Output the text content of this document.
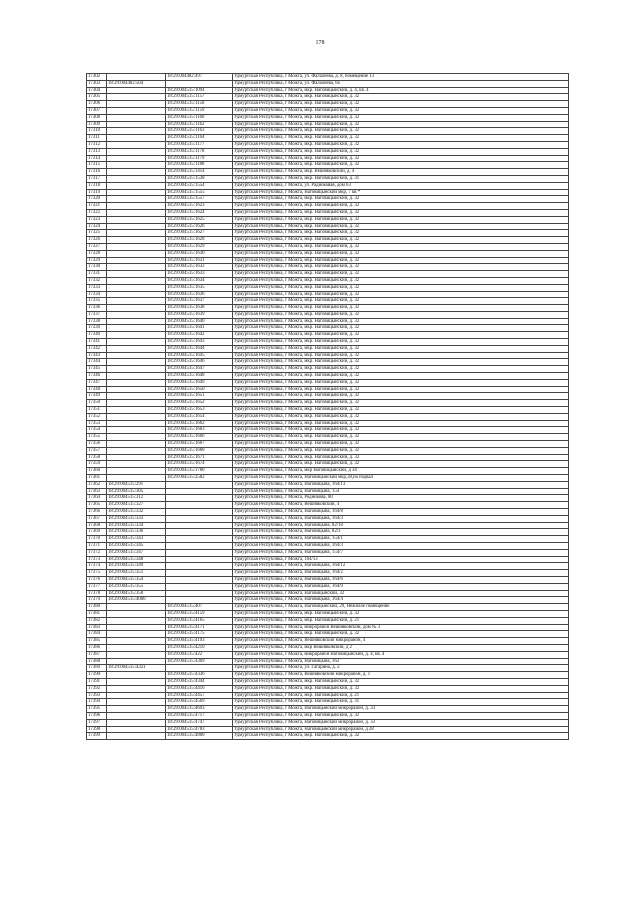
178
17302		18:29:004482:497	Удмуртская Республика, г Можга, ул. Фалалеева, д. 8, помещение 13
17303	18:29:004482:504		Удмуртская Республика, г Можга, ул. Фалалеева, 8а
17304		18:29:004515:1094	Удмуртская Республика, г Можга, мкр. Наговицынский, д. 4, кв. 4
17305		18:29:004515:1157	Удмуртская Республика, г Можга, мкр. Наговицынский, д. 32
17306		18:29:004515:1158	Удмуртская Республика, г Можга, мкр. Наговицынский, д. 32
17307		18:29:004515:1159	Удмуртская Республика, г Можга, мкр. Наговицынский, д. 32
17308		18:29:004515:1160	Удмуртская Республика, г Можга, мкр. Наговицынский, д. 32
17309		18:29:004515:1162	Удмуртская Республика, г Можга, мкр. Наговицынский, д. 32
17310		18:29:004515:1163	Удмуртская Республика, г Можга, мкр. Наговицынский, д. 32
17311		18:29:004515:1164	Удмуртская Республика, г Можга, мкр. Наговицынский, д. 32
17312		18:29:004515:1177	Удмуртская Республика, г Можга, мкр. Наговицынский, д. 32
17313		18:29:004515:1178	Удмуртская Республика, г Можга, мкр. Наговицынский, д. 32
17314		18:29:004515:1179	Удмуртская Республика, г Можга, мкр. Наговицынский, д. 32
17315		18:29:004515:1188	Удмуртская Республика, г Можга, мкр. Наговицынский, д. 32
17316		18:29:004515:1414	Удмуртская Республика, г Можга, мкр. Вешняковский, д. 4
17317		18:29:004515:1538	Удмуртская Республика, г Можга, мкр. Наговицынский, д. 31
17318		18:29:004515:1554	Удмуртская Республика, г Можга, ул. Радиоковая, дом 63
17319		18:29:004515:1555	Удмуртская Республика, г Можга, Наговицынский мкр, 7 кв *
17320		18:29:004515:1557	Удмуртская Республика, г Можга, мкр. Наговицынский, д. 32
17321		18:29:004515:1623	Удмуртская Республика, г Можга, мкр. Наговицынский, д. 32
17322		18:29:004515:1624	Удмуртская Республика, г Можга, мкр. Наговицынский, д. 32
17323		18:29:004515:1625	Удмуртская Республика, г Можга, мкр. Наговицынский, д. 32
17324		18:29:004515:1626	Удмуртская Республика, г Можга, мкр. Наговицынский, д. 32
17325		18:29:004515:1627	Удмуртская Республика, г Можга, мкр. Наговицынский, д. 32
17326		18:29:004515:1628	Удмуртская Республика, г Можга, мкр. Наговицынский, д. 32
17327		18:29:004515:1629	Удмуртская Республика, г Можга, мкр. Наговицынский, д. 32
17328		18:29:004515:1630	Удмуртская Республика, г Можга, мкр. Наговицынский, д. 32
17329		18:29:004515:1631	Удмуртская Республика, г Можга, мкр. Наговицынский, д. 32
17330		18:29:004515:1632	Удмуртская Республика, г Можга, мкр. Наговицынский, д. 32
17331		18:29:004515:1633	Удмуртская Республика, г Можга, мкр. Наговицынский, д. 32
17332		18:29:004515:1634	Удмуртская Республика, г Можга, мкр. Наговицынский, д. 32
17333		18:29:004515:1635	Удмуртская Республика, г Можга, мкр. Наговицынский, д. 32
17334		18:29:004515:1636	Удмуртская Республика, г Можга, мкр. Наговицынский, д. 32
17335		18:29:004515:1637	Удмуртская Республика, г Можга, мкр. Наговицынский, д. 32
17336		18:29:004515:1638	Удмуртская Республика, г Можга, мкр. Наговицынский, д. 32
17337		18:29:004515:1639	Удмуртская Республика, г Можга, мкр. Наговицынский, д. 32
17338		18:29:004515:1640	Удмуртская Республика, г Можга, мкр. Наговицынский, д. 32
17339		18:29:004515:1641	Удмуртская Республика, г Можга, мкр. Наговицынский, д. 32
17340		18:29:004515:1642	Удмуртская Республика, г Можга, мкр. Наговицынский, д. 32
17341		18:29:004515:1643	Удмуртская Республика, г Можга, мкр. Наговицынский, д. 32
17342		18:29:004515:1644	Удмуртская Республика, г Можга, мкр. Наговицынский, д. 32
17343		18:29:004515:1645	Удмуртская Республика, г Можга, мкр. Наговицынский, д. 32
17344		18:29:004515:1646	Удмуртская Республика, г Можга, мкр. Наговицынский, д. 32
17345		18:29:004515:1647	Удмуртская Республика, г Можга, мкр. Наговицынский, д. 32
17346		18:29:004515:1648	Удмуртская Республика, г Можга, мкр. Наговицынский, д. 32
17347		18:29:004515:1649	Удмуртская Республика, г Можга, мкр. Наговицынский, д. 32
17348		18:29:004515:1650	Удмуртская Республика, г Можга, мкр. Наговицынский, д. 32
17349		18:29:004515:1651	Удмуртская Республика, г Можга, мкр. Наговицынский, д. 32
17350		18:29:004515:1652	Удмуртская Республика, г Можга, мкр. Наговицынский, д. 32
17351		18:29:004515:1653	Удмуртская Республика, г Можга, мкр. Наговицынский, д. 32
17352		18:29:004515:1654	Удмуртская Республика, г Можга, мкр. Наговицынский, д. 32
17353		18:29:004515:1662	Удмуртская Республика, г Можга, мкр. Наговицынский, д. 32
17354		18:29:004515:1663	Удмуртская Республика, г Можга, мкр. Наговицынский, д. 32
17355		18:29:004515:1666	Удмуртская Республика, г Можга, мкр. Наговицынский, д. 32
17356		18:29:004515:1667	Удмуртская Республика, г Можга, мкр. Наговицынский, д. 32
17357		18:29:004515:1668	Удмуртская Республика, г Можга, мкр. Наговицынский, д. 32
17358		18:29:004515:1671	Удмуртская Республика, г Можга, мкр. Наговицынский, д. 32
17359		18:29:004515:1674	Удмуртская Республика, г Можга, мкр. Наговицынский, д. 32
17360		18:29:004515:1780	Удмуртская Республика, г Можга, мкр Наговицынский, д 34
17361		18:29:004515:2582	Удмуртская Республика, г Можга, Наговицынский мкр,38,на подвал
17362	18:29:004515:291		Удмуртская Республика, г Можга, Наговицына, 164/13
17363	18:29:004515:305		Удмуртская Республика, г Можга, Наговицына, 154
17364	18:29:004515:312		Удмуртская Республика, г Можга, Родникова, 80
17365	18:29:004515:327		Удмуртская Республика, г Можга, Вешняковский, 4
17366	18:29:004515:332		Удмуртская Республика, г Можга, Наговицына, 164/8
17367	18:29:004515:333		Удмуртская Республика, г Можга, Наговицына, 164/3
17368	18:29:004515:334		Удмуртская Республика, г Можга, Наговицына, 82/18
17369	18:29:004515:336		Удмуртская Республика, г Можга, Наговицына, 82/3
17370	18:29:004515:343		Удмуртская Республика, г Можга, Наговицына, 154/1
17371	18:29:004515:345		Удмуртская Республика, г Можга, Наговицына, 164/3
17372	18:29:004515:347		Удмуртская Республика, г Можга, Наговицына, 154/7
17373	18:29:004515:348		Удмуртская Республика, г Можга, 164/13
17374	18:29:004515:349		Удмуртская Республика, г Можга, Наговицына, 164/12
17375	18:29:004515:351		Удмуртская Республика, г Можга, Наговицына, 164/2
17376	18:29:004515:354		Удмуртская Республика, г Можга, Наговицына, 164/6
17377	18:29:004515:355		Удмуртская Республика, г Можга, Наговицына, 164/9
17378	18:29:004515:358		Удмуртская Республика, г Можга, Наговицынский, 32
17379	18:29:004515:4000		Удмуртская Республика, г Можга, Наговицына, 164/4
17380		18:29:004515:407	Удмуртская Республика, г Можга, Наговицынский, 29, Нежилое помещение
17381		18:29:004515:4159	Удмуртская Республика, г Можга, мкр. Наговицынский, д. 32
17382		18:29:004515:4165	Удмуртская Республика, г Можга, мкр. Наговицынский, д. 21
17383		18:29:004515:4171	Удмуртская Республика, г Можга, микрорайон Вешняковский, дом № 3
17384		18:29:004515:4175	Удмуртская Республика, г Можга, мкр. Наговицынский, д. 32
17385		18:29:004515:4193	Удмуртская Республика, г Можга, Вешняковский микрорайон, 4
17386		18:29:004515:4210	Удмуртская Республика, г Можга, мкр Вешняковский, д 2
17387		18:29:004515:422	Удмуртская Республика, г Можга, микрорайон Наговицынский, д. 4, кв. 4
17388		18:29:004515:4309	Удмуртская Республика, г Можга, Наговицына, 162
17389	18:29:004515:4321		Удмуртская Республика, г Можга, ул. Гагарина, д. 2
17390		18:29:004515:4336	Удмуртская Республика, г Можга, Вешняковский микрорайон, д. 1
17391		18:29:004515:4344	Удмуртская Республика, г Можга, мкр. Наговицынский, д. 32
17392		18:29:004515:4416	Удмуртская Республика, г Можга, мкр. Наговицынский, д. 32
17393		18:29:004515:4457	Удмуртская Республика, г Можга, мкр. Наговицынский, д. 21
17394		18:29:004515:4569	Удмуртская Республика, г Можга, мкр. Наговицынский, д. 31
17395		18:29:004515:4693	Удмуртская Республика, г Можга, Наговицынский микрорайон, д. 33
17396		18:29:004515:4717	Удмуртская Республика, г Можга, мкр. Наговицынский, д. 32
17397		18:29:004515:4747	Удмуртская Республика, г Можга, Наговицынский микрорайон, д. 33
17398		18:29:004515:4783	Удмуртская Республика, г Можга, Наговицынский микрорайон, д 28
17399		18:29:004515:4800	Удмуртская Республика, г Можга, мкр. Наговицынский, д. 32
